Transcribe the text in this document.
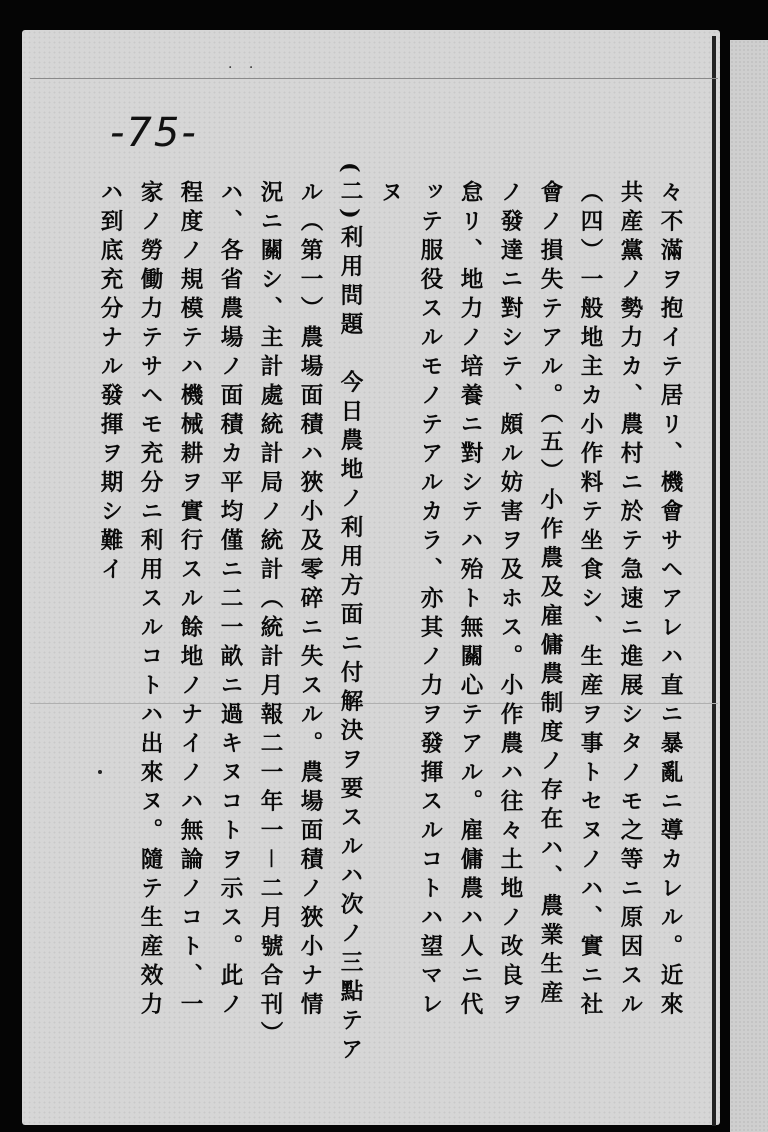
· ·
-75-
々不滿ヲ抱イテ居リ、機會サヘアレハ直ニ暴亂ニ導カレル。近來
共産黨ノ勢力カ、農村ニ於テ急速ニ進展シタノモ之等ニ原因スル
（四）一般地主カ小作料テ坐食シ、生産ヲ事トセヌノハ、實ニ社
會ノ損失テアル。（五）小作農及雇傭農制度ノ存在ハ、農業生産
ノ發達ニ對シテ、頗ル妨害ヲ及ホス。小作農ハ往々土地ノ改良ヲ
怠リ、地力ノ培養ニ對シテハ殆ト無關心テアル。雇傭農ハ人ニ代
ッテ服役スルモノテアルカラ、亦其ノ力ヲ發揮スルコトハ望マレ
ヌ
(二)利用問題　今日農地ノ利用方面ニ付解決ヲ要スルハ次ノ三點テア
ル（第一）農場面積ハ狹小及零碎ニ失スル。農場面積ノ狹小ナ情
況ニ關シ、主計處統計局ノ統計（統計月報二一年一－二月號合刊）
ハ、各省農場ノ面積カ平均僅ニ二一畝ニ過キヌコトヲ示ス。此ノ
程度ノ規模テハ機械耕ヲ實行スル餘地ノナイノハ無論ノコト、一
家ノ勞働力テサヘモ充分ニ利用スルコトハ出來ヌ。隨テ生産效力
ハ到底充分ナル發揮ヲ期シ難イ
